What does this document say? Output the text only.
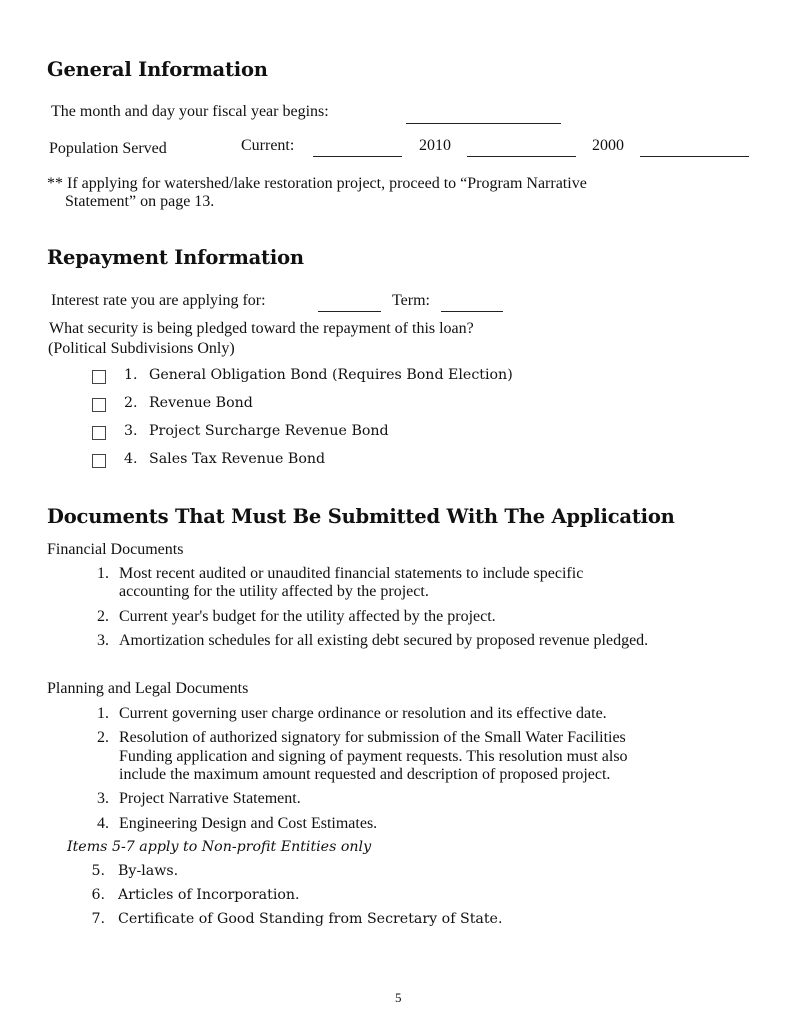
General Information
The month and day your fiscal year begins:
Population Served	Current:	2010	2000
** If applying for watershed/lake restoration project, proceed to “Program Narrative
Statement” on page 13.
Repayment Information
Interest rate you are applying for:	Term:
What security is being pledged toward the repayment of this loan?
(Political Subdivisions Only)
1. General Obligation Bond (Requires Bond Election)
2. Revenue Bond
3. Project Surcharge Revenue Bond
4. Sales Tax Revenue Bond
Documents That Must Be Submitted With The Application
Financial Documents
1. Most recent audited or unaudited financial statements to include specific
accounting for the utility affected by the project.
2. Current year's budget for the utility affected by the project.
3. Amortization schedules for all existing debt secured by proposed revenue pledged.
Planning and Legal Documents
1. Current governing user charge ordinance or resolution and its effective date.
2. Resolution of authorized signatory for submission of the Small Water Facilities
Funding application and signing of payment requests. This resolution must also
include the maximum amount requested and description of proposed project.
3. Project Narrative Statement.
4. Engineering Design and Cost Estimates.
Items 5-7 apply to Non-profit Entities only
5. By-laws.
6. Articles of Incorporation.
7. Certificate of Good Standing from Secretary of State.
5
